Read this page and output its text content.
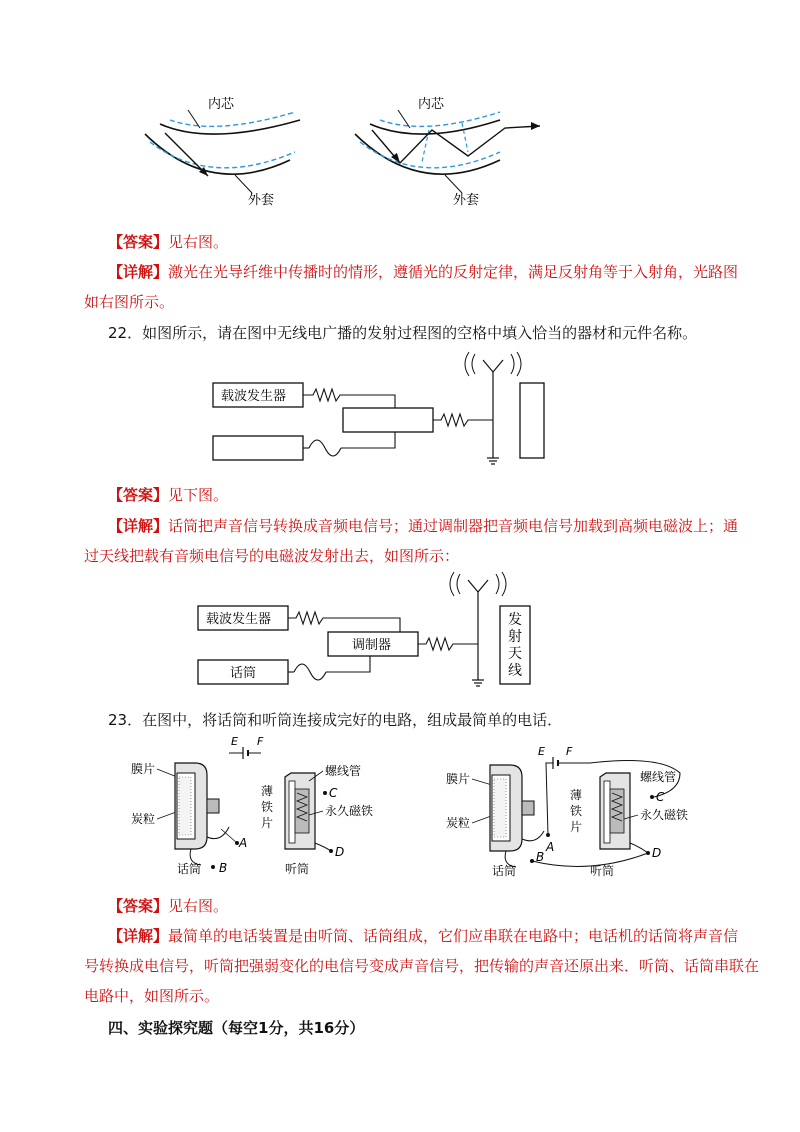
内芯
外套
内芯
外套
【答案】见右图。
【详解】激光在光导纤维中传播时的情形，遵循光的反射定律，满足反射角等于入射角，光路图
如右图所示。
22．如图所示，请在图中无线电广播的发射过程图的空格中填入恰当的器材和元件名称。
载波发生器
【答案】见下图。
【详解】话筒把声音信号转换成音频电信号；通过调制器把音频电信号加载到高频电磁波上；通
过天线把载有音频电信号的电磁波发射出去，如图所示：
载波发生器
调制器
话筒
发
射
天
线
23．在图中，将话筒和听筒连接成完好的电路，组成最简单的电话．
膜片
炭粒
A
B
话筒
E F
薄
铁
片
螺线管
C
永久磁铁
D
听筒
膜片
炭粒
A
B
话筒
E F
薄
铁
片
螺线管
C
永久磁铁
D
听筒
【答案】见右图。
【详解】最简单的电话装置是由听筒、话筒组成，它们应串联在电路中；电话机的话筒将声音信
号转换成电信号，听筒把强弱变化的电信号变成声音信号，把传输的声音还原出来．听筒、话筒串联在
电路中，如图所示。
四、实验探究题（每空1分，共16分）
